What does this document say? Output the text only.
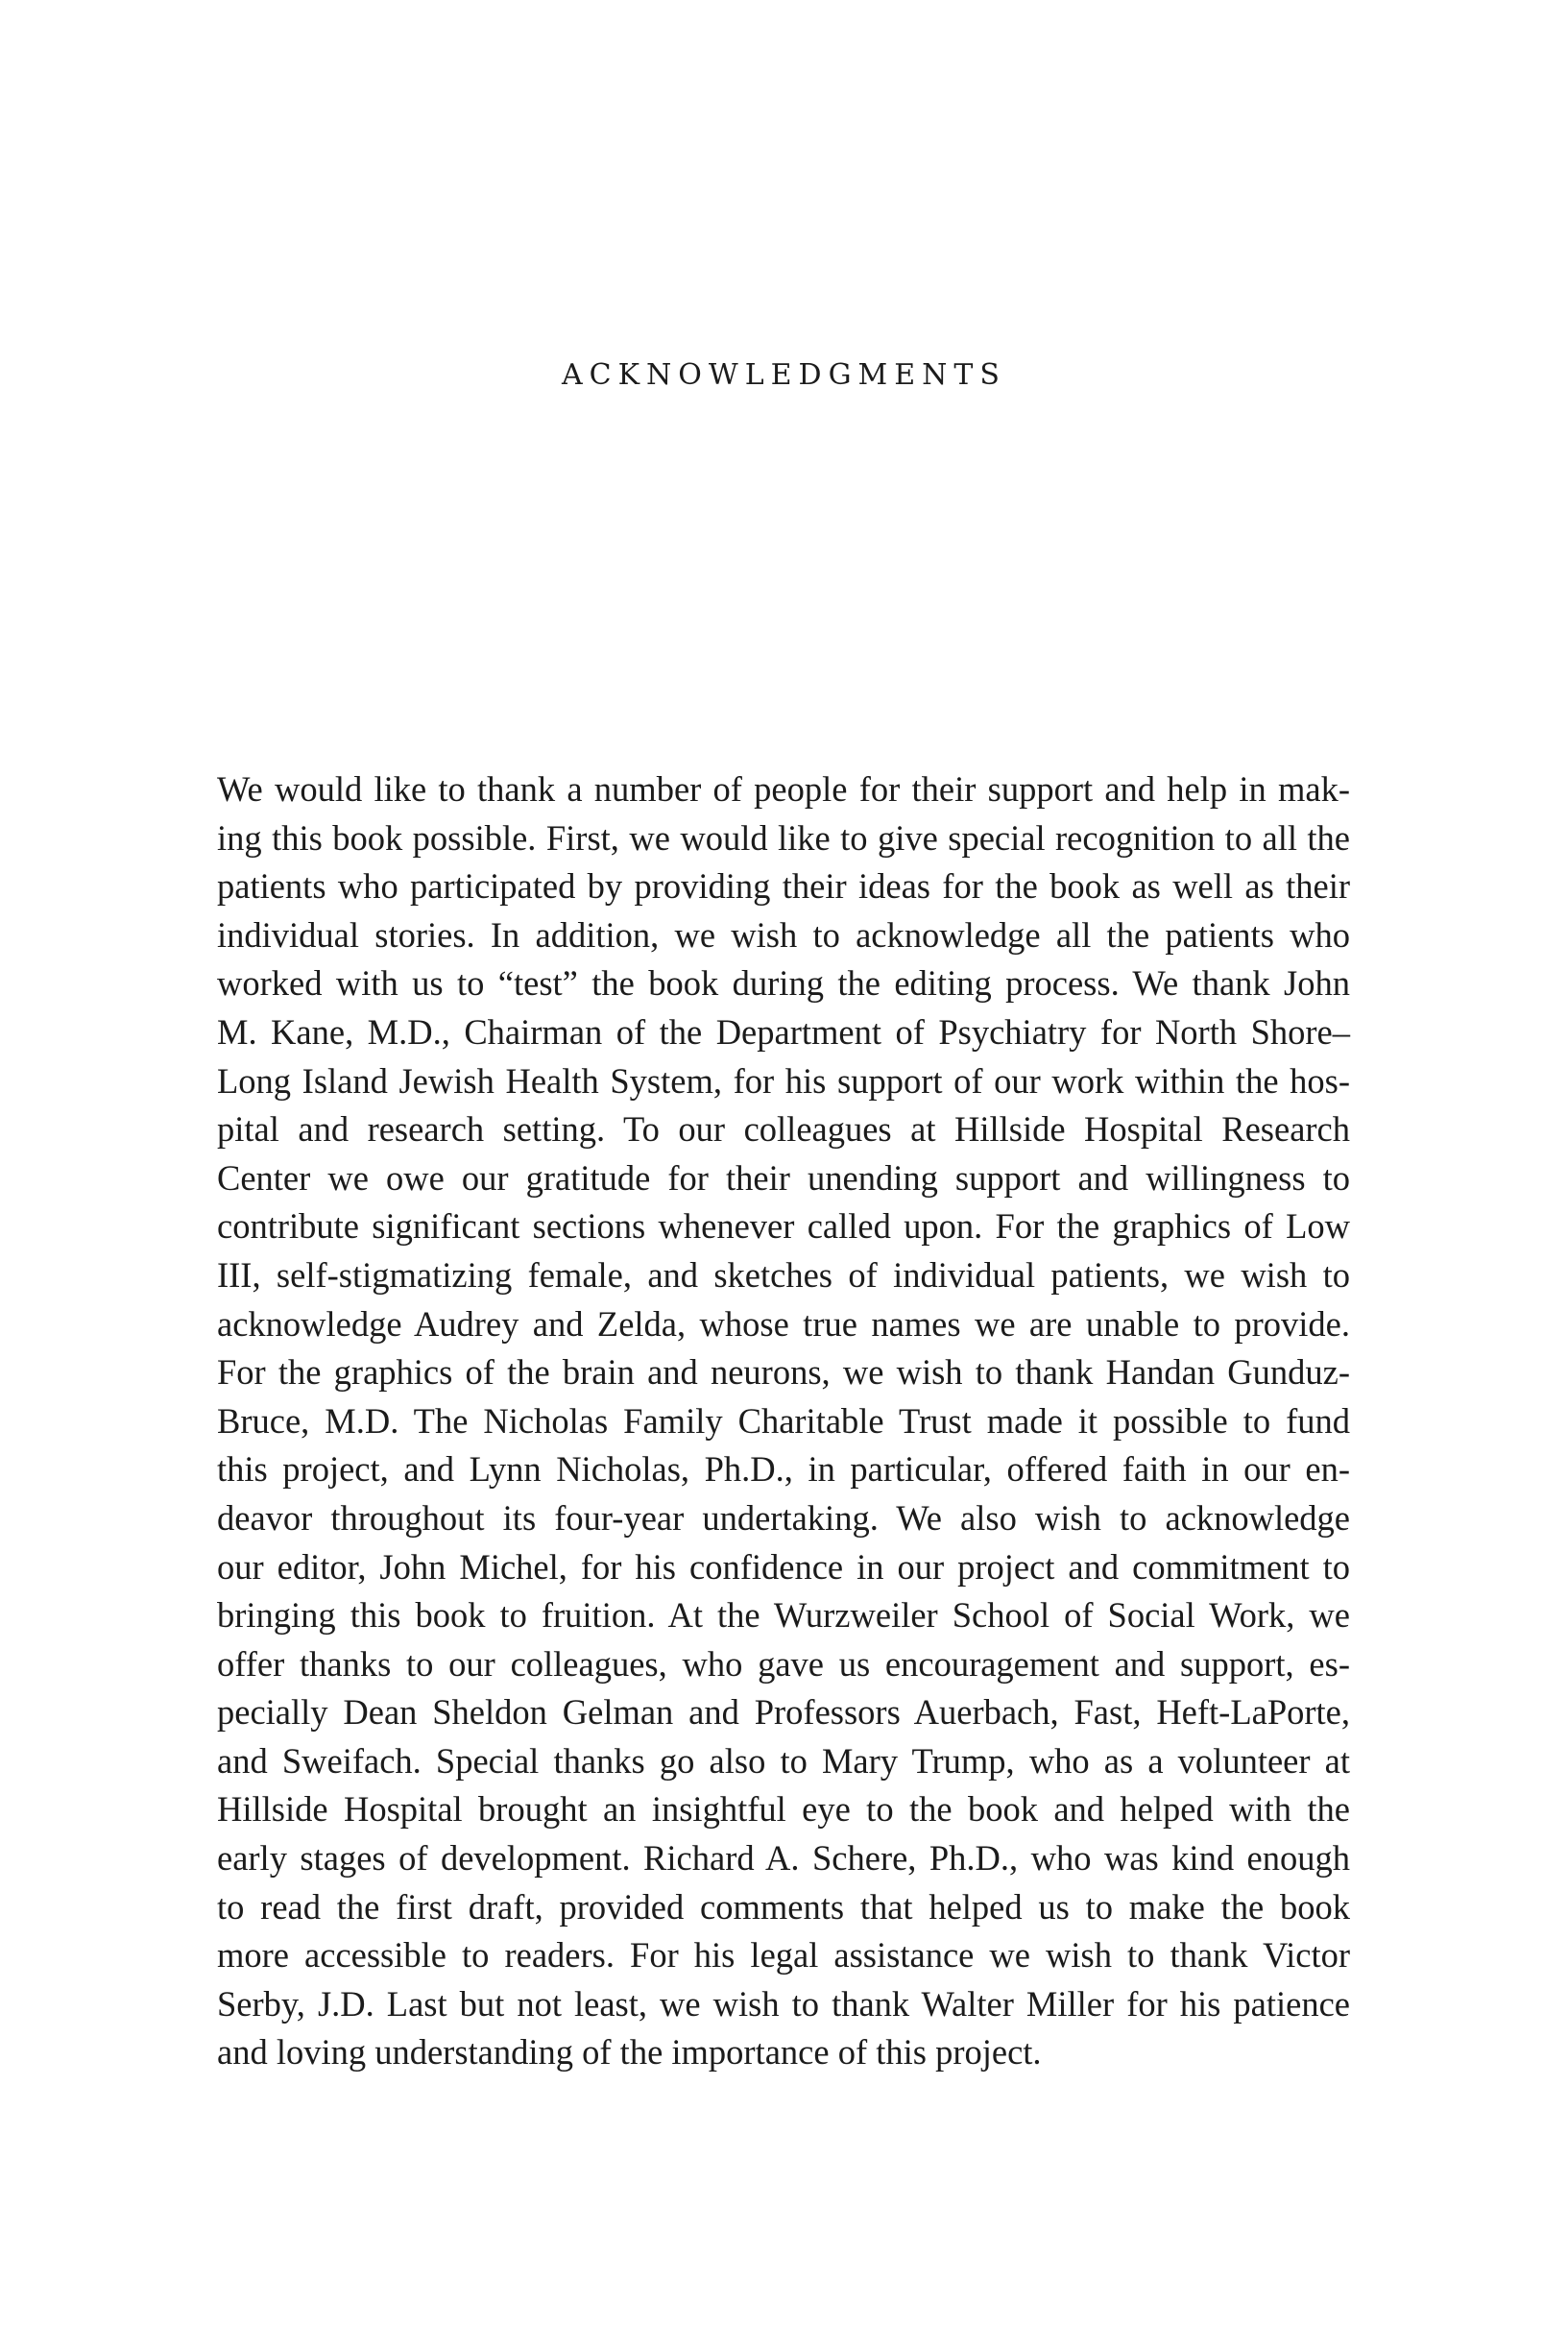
ACKNOWLEDGMENTS
We would like to thank a number of people for their support and help in mak-
ing this book possible. First, we would like to give special recognition to all the
patients who participated by providing their ideas for the book as well as their
individual stories. In addition, we wish to acknowledge all the patients who
worked with us to “test” the book during the editing process. We thank John
M. Kane, M.D., Chairman of the Department of Psychiatry for North Shore–
Long Island Jewish Health System, for his support of our work within the hos-
pital and research setting. To our colleagues at Hillside Hospital Research
Center we owe our gratitude for their unending support and willingness to
contribute significant sections whenever called upon. For the graphics of Low
III, self-stigmatizing female, and sketches of individual patients, we wish to
acknowledge Audrey and Zelda, whose true names we are unable to provide.
For the graphics of the brain and neurons, we wish to thank Handan Gunduz-
Bruce, M.D. The Nicholas Family Charitable Trust made it possible to fund
this project, and Lynn Nicholas, Ph.D., in particular, offered faith in our en-
deavor throughout its four-year undertaking. We also wish to acknowledge
our editor, John Michel, for his confidence in our project and commitment to
bringing this book to fruition. At the Wurzweiler School of Social Work, we
offer thanks to our colleagues, who gave us encouragement and support, es-
pecially Dean Sheldon Gelman and Professors Auerbach, Fast, Heft-LaPorte,
and Sweifach. Special thanks go also to Mary Trump, who as a volunteer at
Hillside Hospital brought an insightful eye to the book and helped with the
early stages of development. Richard A. Schere, Ph.D., who was kind enough
to read the first draft, provided comments that helped us to make the book
more accessible to readers. For his legal assistance we wish to thank Victor
Serby, J.D. Last but not least, we wish to thank Walter Miller for his patience
and loving understanding of the importance of this project.
